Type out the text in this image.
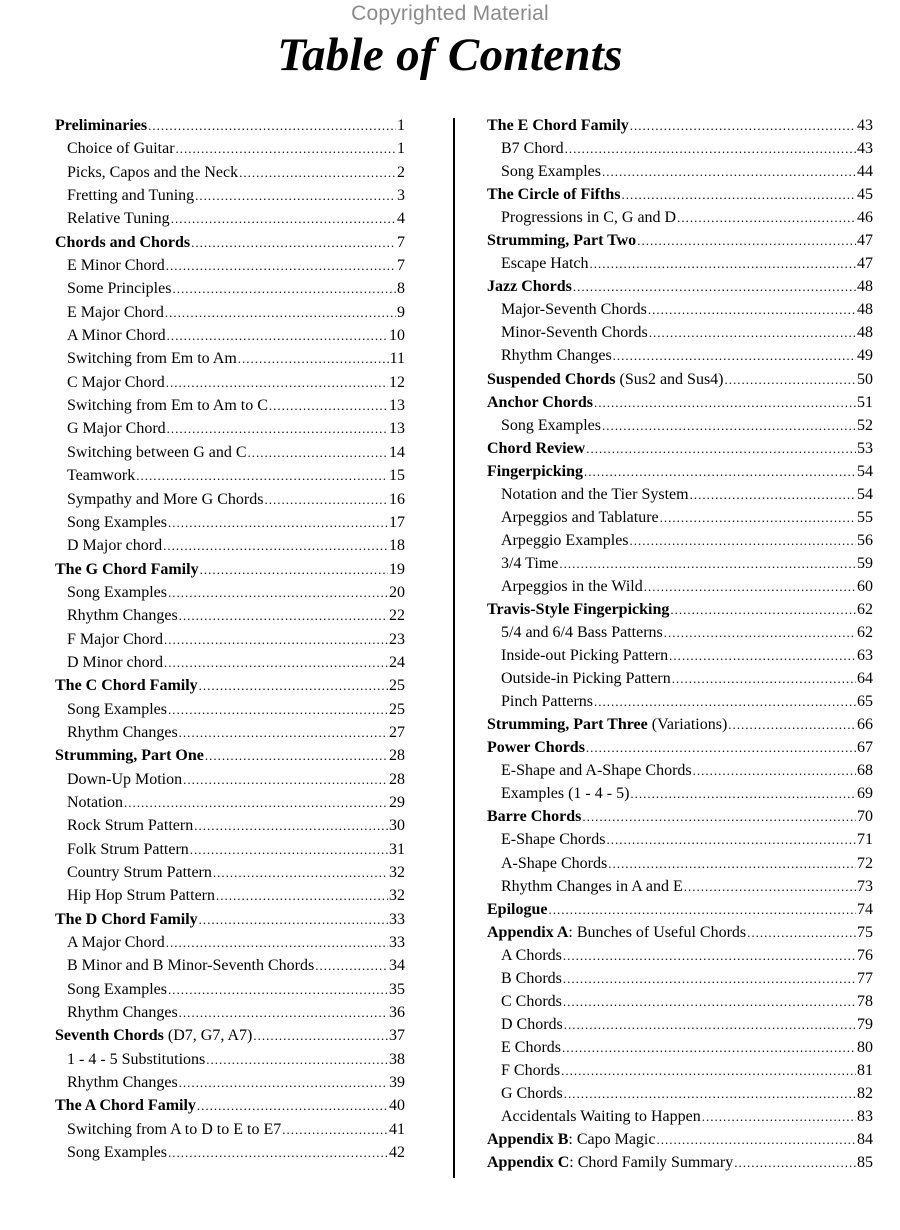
Copyrighted Material
Table of Contents
Preliminaries .....	1
Choice of Guitar .....	1
Picks, Capos and the Neck .....	2
Fretting and Tuning .....	3
Relative Tuning .....	4
Chords and Chords .....	7
E Minor Chord .....	7
Some Principles .....	8
E Major Chord .....	9
A Minor Chord .....	10
Switching from Em to Am .....	11
C Major Chord .....	12
Switching from Em to Am to C .....	13
G Major Chord .....	13
Switching between G and C .....	14
Teamwork .....	15
Sympathy and More G Chords .....	16
Song Examples .....	17
D Major chord .....	18
The G Chord Family .....	19
Song Examples .....	20
Rhythm Changes .....	22
F Major Chord .....	23
D Minor chord .....	24
The C Chord Family .....	25
Song Examples .....	25
Rhythm Changes .....	27
Strumming, Part One .....	28
Down-Up Motion .....	28
Notation .....	29
Rock Strum Pattern .....	30
Folk Strum Pattern .....	31
Country Strum Pattern .....	32
Hip Hop Strum Pattern .....	32
The D Chord Family .....	33
A Major Chord .....	33
B Minor and B Minor-Seventh Chords .....	34
Song Examples .....	35
Rhythm Changes .....	36
Seventh Chords (D7, G7, A7) .....	37
1 - 4 - 5 Substitutions .....	38
Rhythm Changes .....	39
The A Chord Family .....	40
Switching from A to D to E to E7 .....	41
Song Examples .....	42
The E Chord Family .....	43
B7 Chord .....	43
Song Examples .....	44
The Circle of Fifths .....	45
Progressions in C, G and D .....	46
Strumming, Part Two .....	47
Escape Hatch .....	47
Jazz Chords .....	48
Major-Seventh Chords .....	48
Minor-Seventh Chords .....	48
Rhythm Changes .....	49
Suspended Chords (Sus2 and Sus4) .....	50
Anchor Chords .....	51
Song Examples .....	52
Chord Review .....	53
Fingerpicking .....	54
Notation and the Tier System .....	54
Arpeggios and Tablature .....	55
Arpeggio Examples .....	56
3/4 Time .....	59
Arpeggios in the Wild .....	60
Travis-Style Fingerpicking .....	62
5/4 and 6/4 Bass Patterns .....	62
Inside-out Picking Pattern .....	63
Outside-in Picking Pattern .....	64
Pinch Patterns .....	65
Strumming, Part Three (Variations) .....	66
Power Chords .....	67
E-Shape and A-Shape Chords .....	68
Examples (1 - 4 - 5) .....	69
Barre Chords .....	70
E-Shape Chords .....	71
A-Shape Chords .....	72
Rhythm Changes in A and E .....	73
Epilogue .....	74
Appendix A: Bunches of Useful Chords .....	75
A Chords .....	76
B Chords .....	77
C Chords .....	78
D Chords .....	79
E Chords .....	80
F Chords .....	81
G Chords .....	82
Accidentals Waiting to Happen .....	83
Appendix B: Capo Magic .....	84
Appendix C: Chord Family Summary .....	85
